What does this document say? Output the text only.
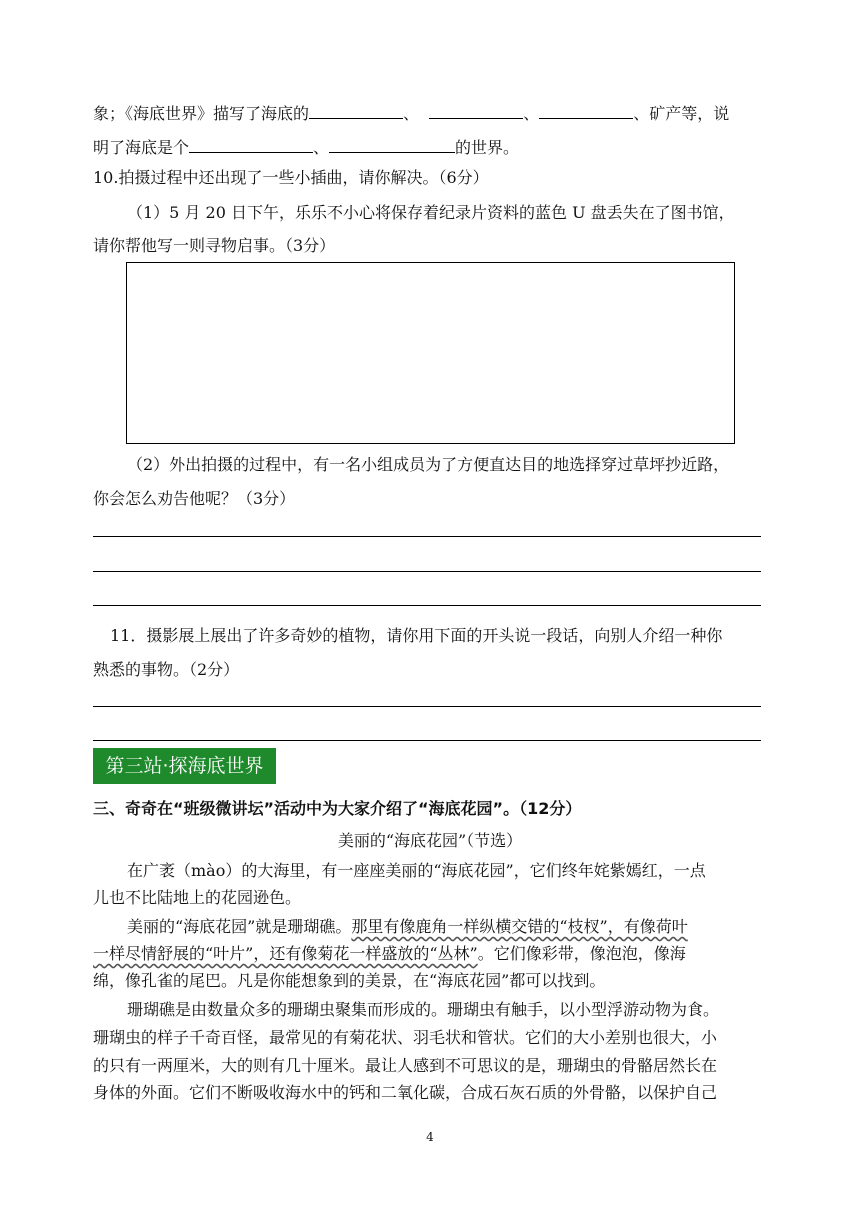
象；《海底世界》描写了海底的	、	、	、矿产等，说
明了海底是个	、	的世界。
10.拍摄过程中还出现了一些小插曲，请你解决。（6分）
（1）5 月 20 日下午，乐乐不小心将保存着纪录片资料的蓝色 U 盘丢失在了图书馆，
请你帮他写一则寻物启事。（3分）
（2）外出拍摄的过程中，有一名小组成员为了方便直达目的地选择穿过草坪抄近路，
你会怎么劝告他呢？（3分）
11．摄影展上展出了许多奇妙的植物，请你用下面的开头说一段话，向别人介绍一种你
熟悉的事物。（2分）
第三站·探海底世界
三、奇奇在“班级微讲坛”活动中为大家介绍了“海底花园”。（12分）
美丽的“海底花园”（节选）
在广袤（mào）的大海里，有一座座美丽的“海底花园”，它们终年姹紫嫣红，一点
儿也不比陆地上的花园逊色。
美丽的“海底花园”就是珊瑚礁。那里有像鹿角一样纵横交错的“枝杈”，有像荷叶
一样尽情舒展的“叶片”，还有像菊花一样盛放的“丛林”。它们像彩带，像泡泡，像海
绵，像孔雀的尾巴。凡是你能想象到的美景，在“海底花园”都可以找到。
珊瑚礁是由数量众多的珊瑚虫聚集而形成的。珊瑚虫有触手，以小型浮游动物为食。
珊瑚虫的样子千奇百怪，最常见的有菊花状、羽毛状和管状。它们的大小差别也很大，小
的只有一两厘米，大的则有几十厘米。最让人感到不可思议的是，珊瑚虫的骨骼居然长在
身体的外面。它们不断吸收海水中的钙和二氧化碳，合成石灰石质的外骨骼，以保护自己
4
